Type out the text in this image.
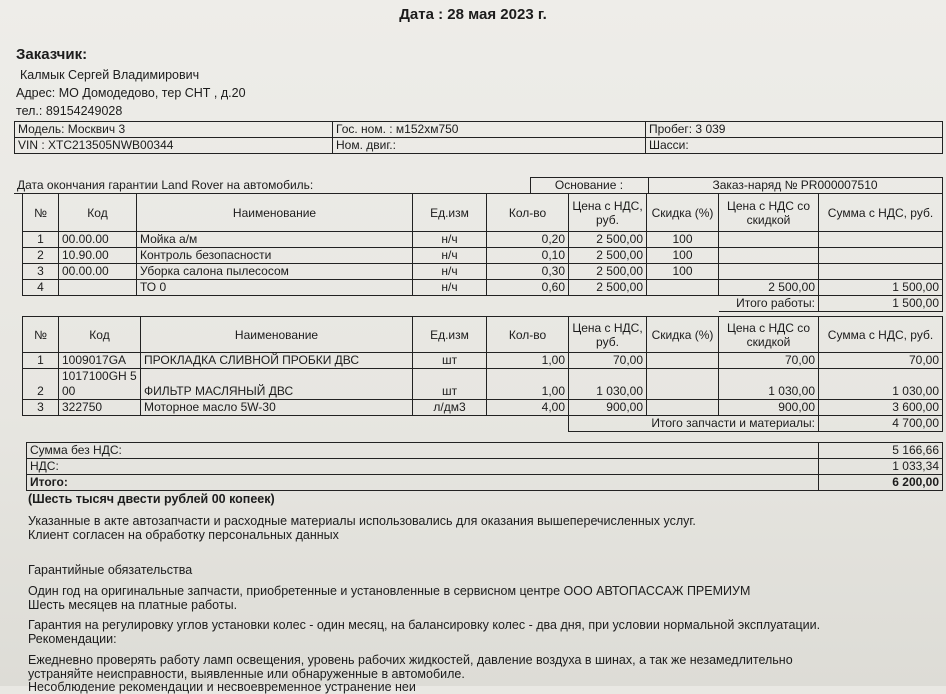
Дата : 28 мая 2023 г.
Заказчик:
Калмык Сергей Владимирович
Адрес: МО Домодедово, тер СНТ , д.20
тел.: 89154249028
Модель: Москвич 3	Гос. ном. : м152хм750	Пробег: 3 039
VIN : XTC213505NWB00344	Ном. двиг.:	Шасси:
Дата окончания гарантии Land Rover на автомобиль:	Основание :	Заказ-наряд № PR000007510
№	Код	Наименование	Ед.изм	Кол-во	Цена с НДС, руб.	Скидка (%)	Цена с НДС со скидкой	Сумма с НДС, руб.
1	00.00.00	Мойка а/м	н/ч	0,20	2 500,00	100		
2	10.90.00	Контроль безопасности	н/ч	0,10	2 500,00	100		
3	00.00.00	Уборка салона пылесосом	н/ч	0,30	2 500,00	100		
4		ТО 0	н/ч	0,60	2 500,00		2 500,00	1 500,00
							Итого работы:	1 500,00
№	Код	Наименование	Ед.изм	Кол-во	Цена с НДС, руб.	Скидка (%)	Цена с НДС со скидкой	Сумма с НДС, руб.
1	1009017GA	ПРОКЛАДКА СЛИВНОЙ ПРОБКИ ДВС	шт	1,00	70,00		70,00	70,00
2	1017100GH 500	ФИЛЬТР МАСЛЯНЫЙ ДВС	шт	1,00	1 030,00		1 030,00	1 030,00
3	322750	Моторное масло 5W-30	л/дм3	4,00	900,00		900,00	3 600,00
					Итого запчасти и материалы:			4 700,00
Сумма без НДС:	5 166,66
НДС:	1 033,34
Итого:	6 200,00
(Шесть тысяч двести рублей 00 копеек)
Указанные в акте автозапчасти и расходные материалы использовались для оказания вышеперечисленных услуг.
Клиент согласен на обработку персональных данных
Гарантийные обязательства
Один год на оригинальные запчасти, приобретенные и установленные в сервисном центре ООО АВТОПАССАЖ ПРЕМИУМ
Шесть месяцев на платные работы.
Гарантия на регулировку углов установки колес - один месяц, на балансировку колес - два дня, при условии нормальной эксплуатации.
Рекомендации:
Ежедневно проверять работу ламп освещения, уровень рабочих жидкостей, давление воздуха в шинах, а так же незамедлительно
устраняйте неисправности, выявленные или обнаруженные в автомобиле.
Несоблюдение рекомендации и несвоевременное устранение неи
